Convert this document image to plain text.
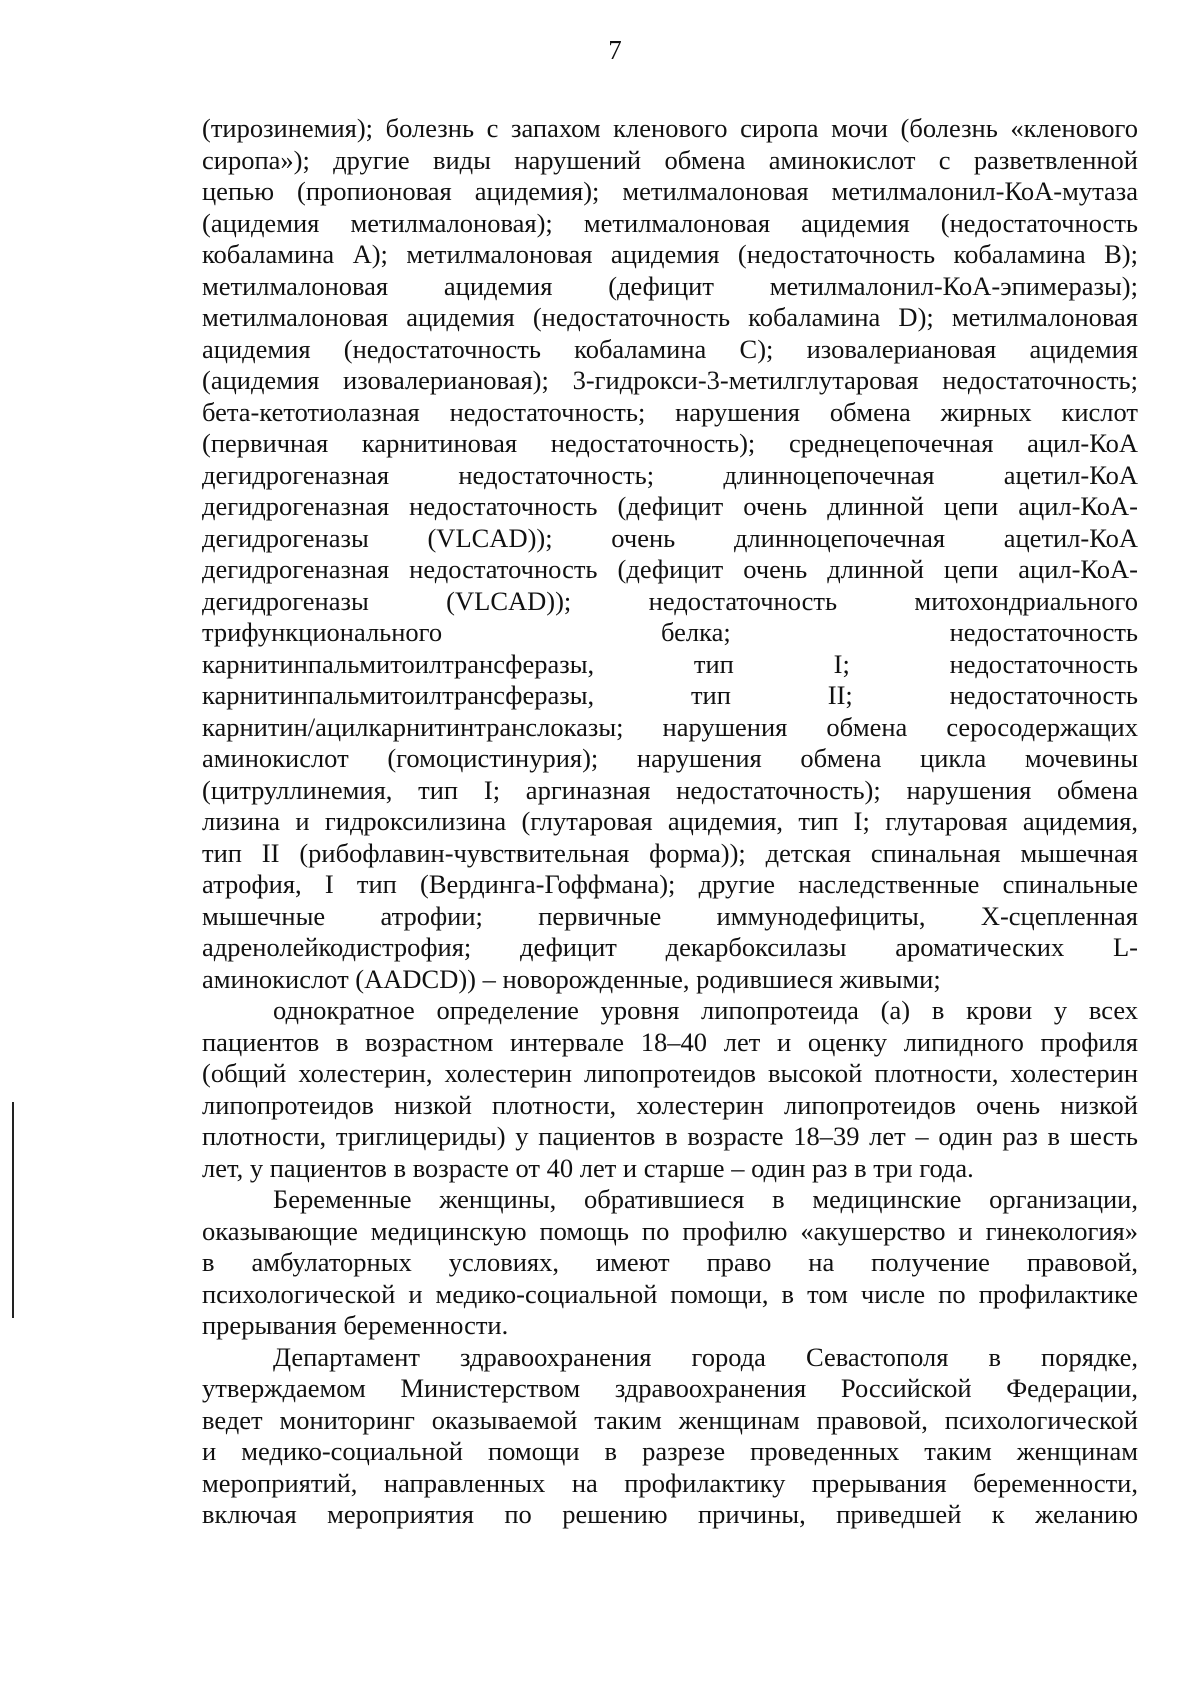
7
(тирозинемия); болезнь с запахом кленового сиропа мочи (болезнь «кленового
сиропа»); другие виды нарушений обмена аминокислот с разветвленной
цепью (пропионовая ацидемия); метилмалоновая метилмалонил-КоА-мутаза
(ацидемия метилмалоновая); метилмалоновая ацидемия (недостаточность
кобаламина А); метилмалоновая ацидемия (недостаточность кобаламина В);
метилмалоновая ацидемия (дефицит метилмалонил-КоА-эпимеразы);
метилмалоновая ацидемия (недостаточность кобаламина D); метилмалоновая
ацидемия (недостаточность кобаламина С); изовалериановая ацидемия
(ацидемия изовалериановая); 3-гидрокси-3-метилглутаровая недостаточность;
бета-кетотиолазная недостаточность; нарушения обмена жирных кислот
(первичная карнитиновая недостаточность); среднецепочечная ацил-КоА
дегидрогеназная недостаточность; длинноцепочечная ацетил-КоА
дегидрогеназная недостаточность (дефицит очень длинной цепи ацил-КоА-
дегидрогеназы (VLCAD)); очень длинноцепочечная ацетил-КоА
дегидрогеназная недостаточность (дефицит очень длинной цепи ацил-КоА-
дегидрогеназы (VLCAD)); недостаточность митохондриального
трифункционального белка; недостаточность
карнитинпальмитоилтрансферазы, тип I; недостаточность
карнитинпальмитоилтрансферазы, тип II; недостаточность
карнитин/ацилкарнитинтранслоказы; нарушения обмена серосодержащих
аминокислот (гомоцистинурия); нарушения обмена цикла мочевины
(цитруллинемия, тип I; аргиназная недостаточность); нарушения обмена
лизина и гидроксилизина (глутаровая ацидемия, тип I; глутаровая ацидемия,
тип II (рибофлавин-чувствительная форма)); детская спинальная мышечная
атрофия, I тип (Вердинга-Гоффмана); другие наследственные спинальные
мышечные атрофии; первичные иммунодефициты, Х-сцепленная
адренолейкодистрофия; дефицит декарбоксилазы ароматических L-
аминокислот (AADCD)) – новорожденные, родившиеся живыми;
однократное определение уровня липопротеида (а) в крови у всех
пациентов в возрастном интервале 18–40 лет и оценку липидного профиля
(общий холестерин, холестерин липопротеидов высокой плотности, холестерин
липопротеидов низкой плотности, холестерин липопротеидов очень низкой
плотности, триглицериды) у пациентов в возрасте 18–39 лет – один раз в шесть
лет, у пациентов в возрасте от 40 лет и старше – один раз в три года.
Беременные женщины, обратившиеся в медицинские организации,
оказывающие медицинскую помощь по профилю «акушерство и гинекология»
в амбулаторных условиях, имеют право на получение правовой,
психологической и медико-социальной помощи, в том числе по профилактике
прерывания беременности.
Департамент здравоохранения города Севастополя в порядке,
утверждаемом Министерством здравоохранения Российской Федерации,
ведет мониторинг оказываемой таким женщинам правовой, психологической
и медико-социальной помощи в разрезе проведенных таким женщинам
мероприятий, направленных на профилактику прерывания беременности,
включая мероприятия по решению причины, приведшей к желанию
